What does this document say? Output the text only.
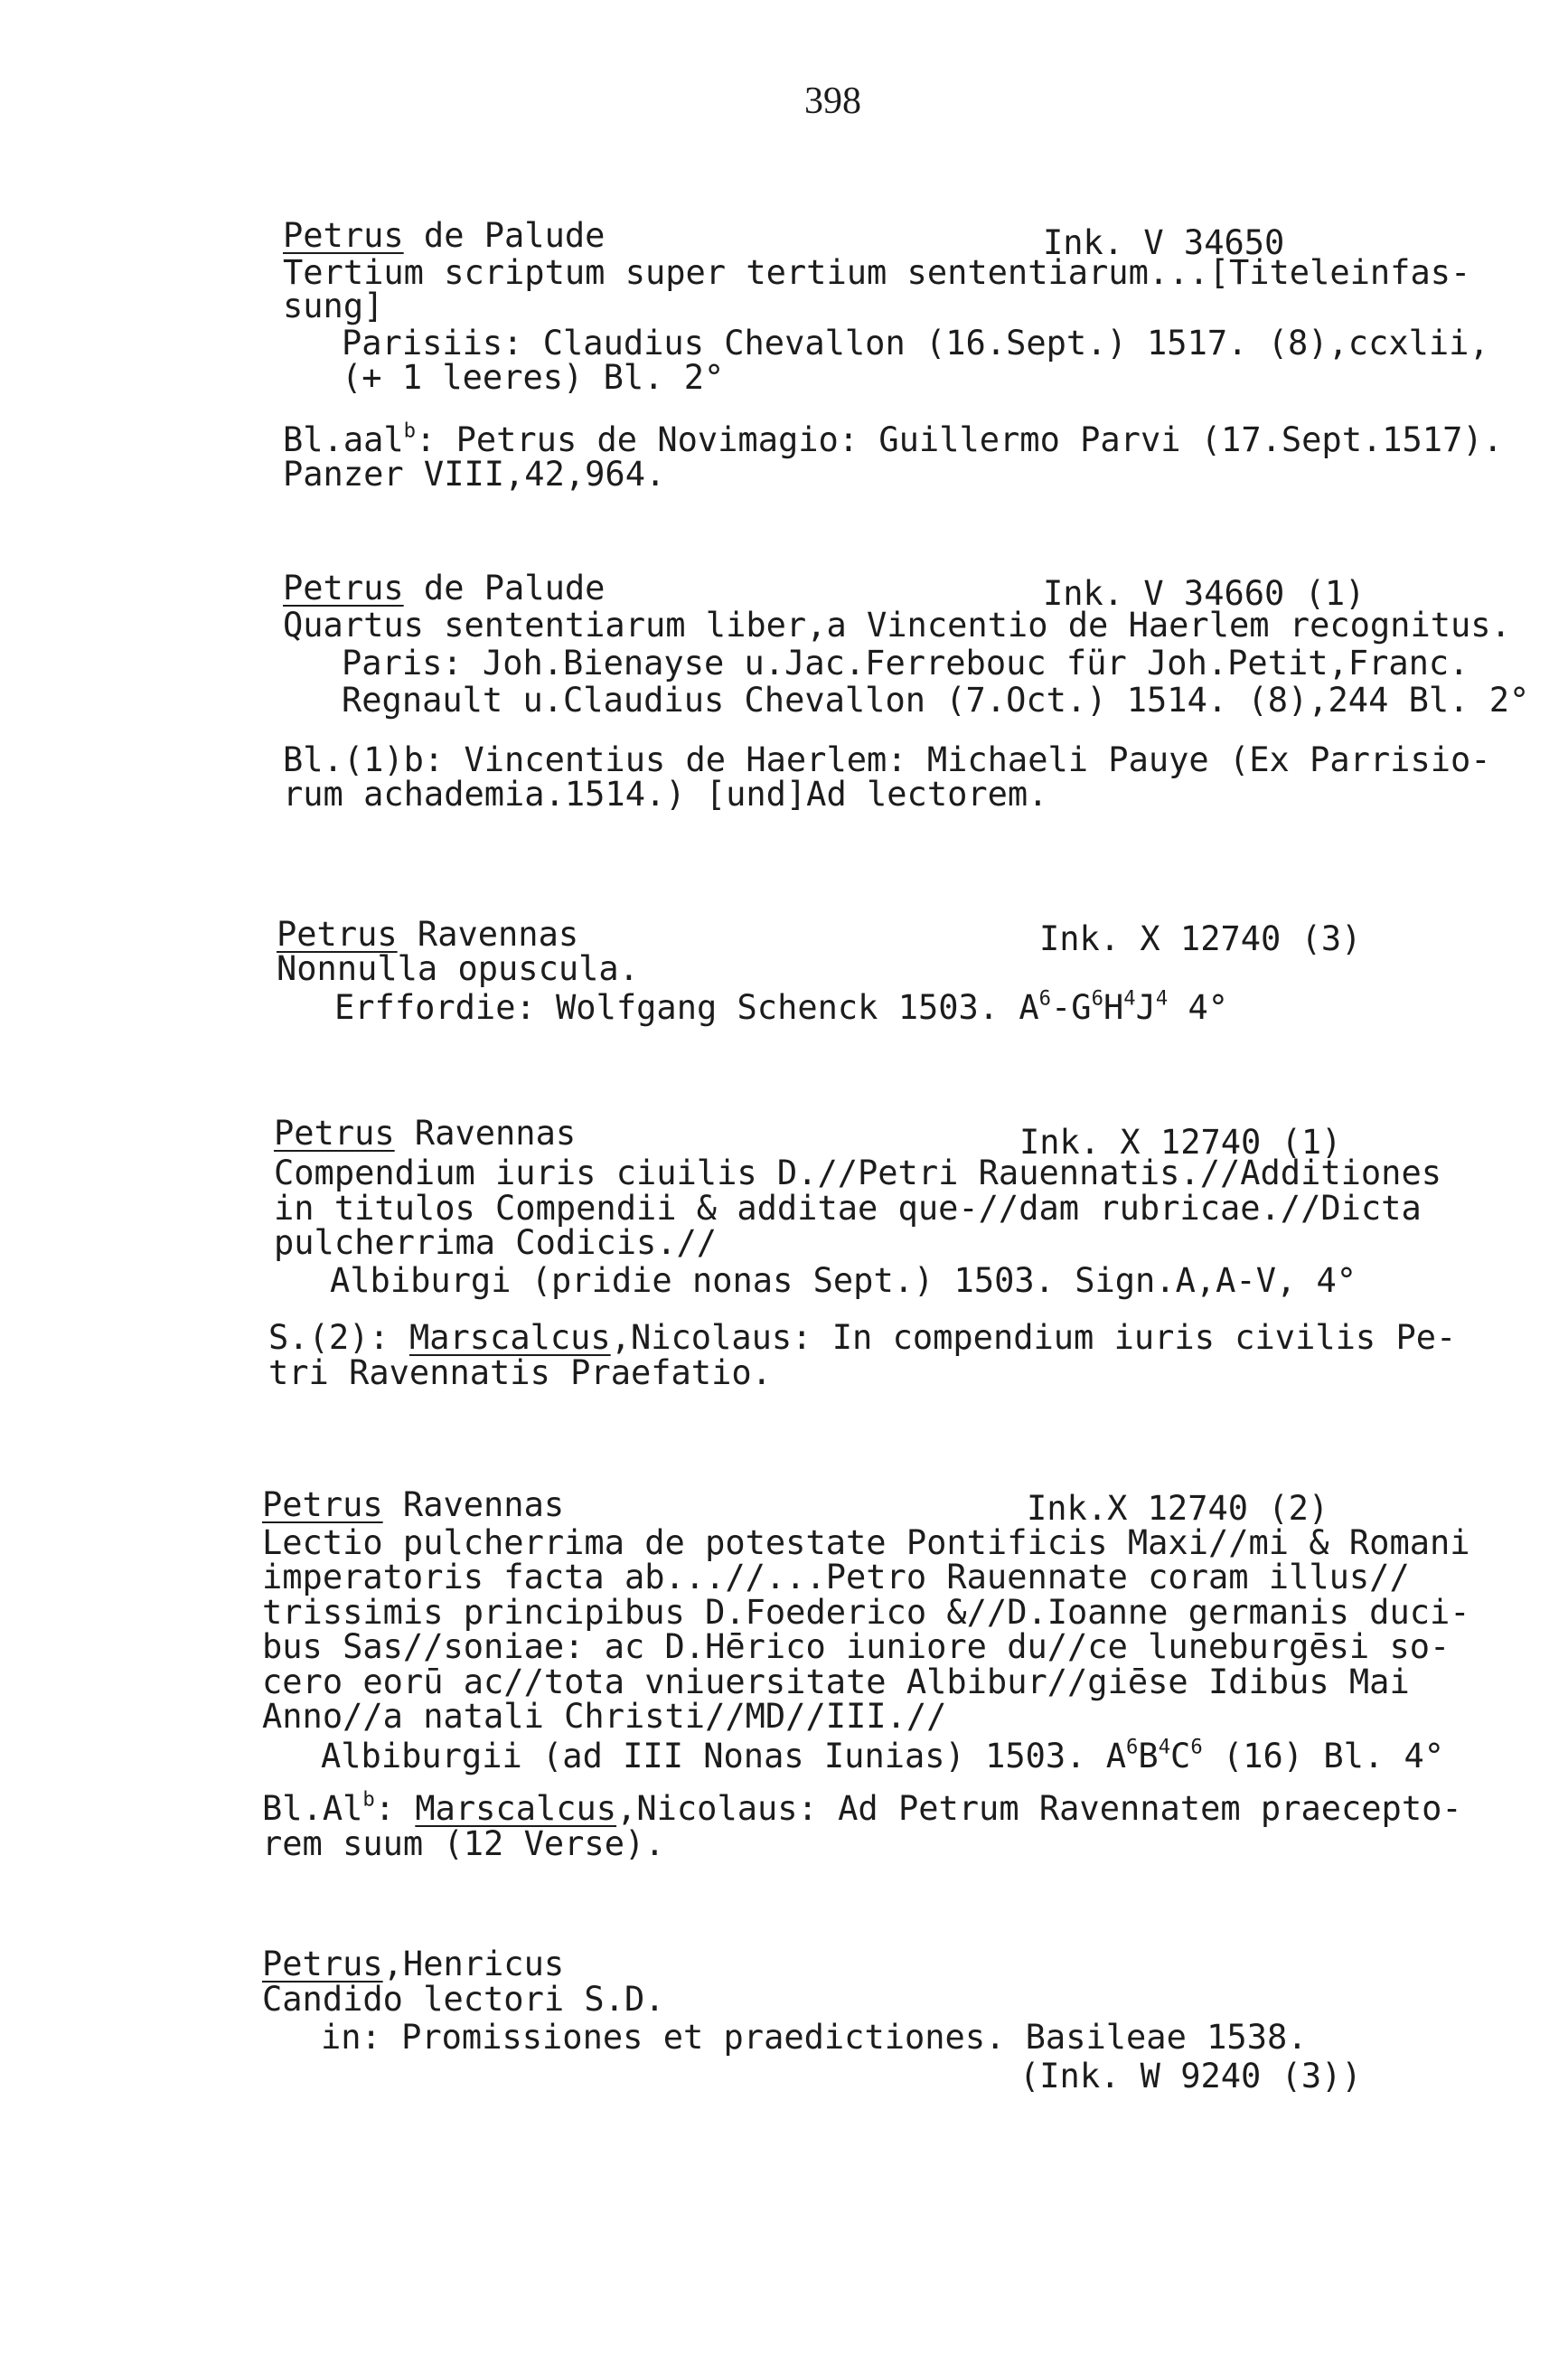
398
Petrus de Palude	Ink. V 34650
Tertium scriptum super tertium sententiarum...[Titeleinfas-
sung]
Parisiis: Claudius Chevallon (16.Sept.) 1517. (8),ccxlii,
(+ 1 leeres) Bl. 2°
Bl.aal$^b$: Petrus de Novimagio: Guillermo Parvi (17.Sept.1517).
Panzer VIII,42,964.
Petrus de Palude	Ink. V 34660 (1)
Quartus sententiarum liber,a Vincentio de Haerlem recognitus.
Paris: Joh.Bienayse u.Jac.Ferrebouc für Joh.Petit,Franc.
Regnault u.Claudius Chevallon (7.Oct.) 1514. (8),244 Bl. 2°
Bl.(1)b: Vincentius de Haerlem: Michaeli Pauye (Ex Parrisio-
rum achademia.1514.) [und]Ad lectorem.
Petrus Ravennas	Ink. X 12740 (3)
Nonnulla opuscula.
Erffordie: Wolfgang Schenck 1503. $A^6-G^6H^4J^4$ 4°
Petrus Ravennas	Ink. X 12740 (1)
Compendium iuris ciuilis D.//Petri Rauennatis.//Additiones
in titulos Compendii & additae que-//dam rubricae.//Dicta
pulcherrima Codicis.//
Albiburgi (pridie nonas Sept.) 1503. Sign.A,A-V, 4°
S.(2): Marscalcus,Nicolaus: In compendium iuris civilis Pe-
tri Ravennatis Praefatio.
Petrus Ravennas	Ink.X 12740 (2)
Lectio pulcherrima de potestate Pontificis Maxi//mi & Romani
imperatoris facta ab...//...Petro Rauennate coram illus//
trissimis principibus D.Foederico &//D.Ioanne germanis duci-
bus Sas//soniae: ac D.Hērico iuniore du//ce luneburgēsi so-
cero eorū ac//tota vniuersitate Albibur//giēse Idibus Mai
Anno//a natali Christi//MD//III.//
Albiburgii (ad III Nonas Iunias) 1503. $A^6B^4C^6$ (16) Bl. 4°
Bl.Al$^b$: Marscalcus,Nicolaus: Ad Petrum Ravennatem praecepto-
rem suum (12 Verse).
Petrus,Henricus
Candido lectori S.D.
in: Promissiones et praedictiones. Basileae 1538.
(Ink. W 9240 (3))
